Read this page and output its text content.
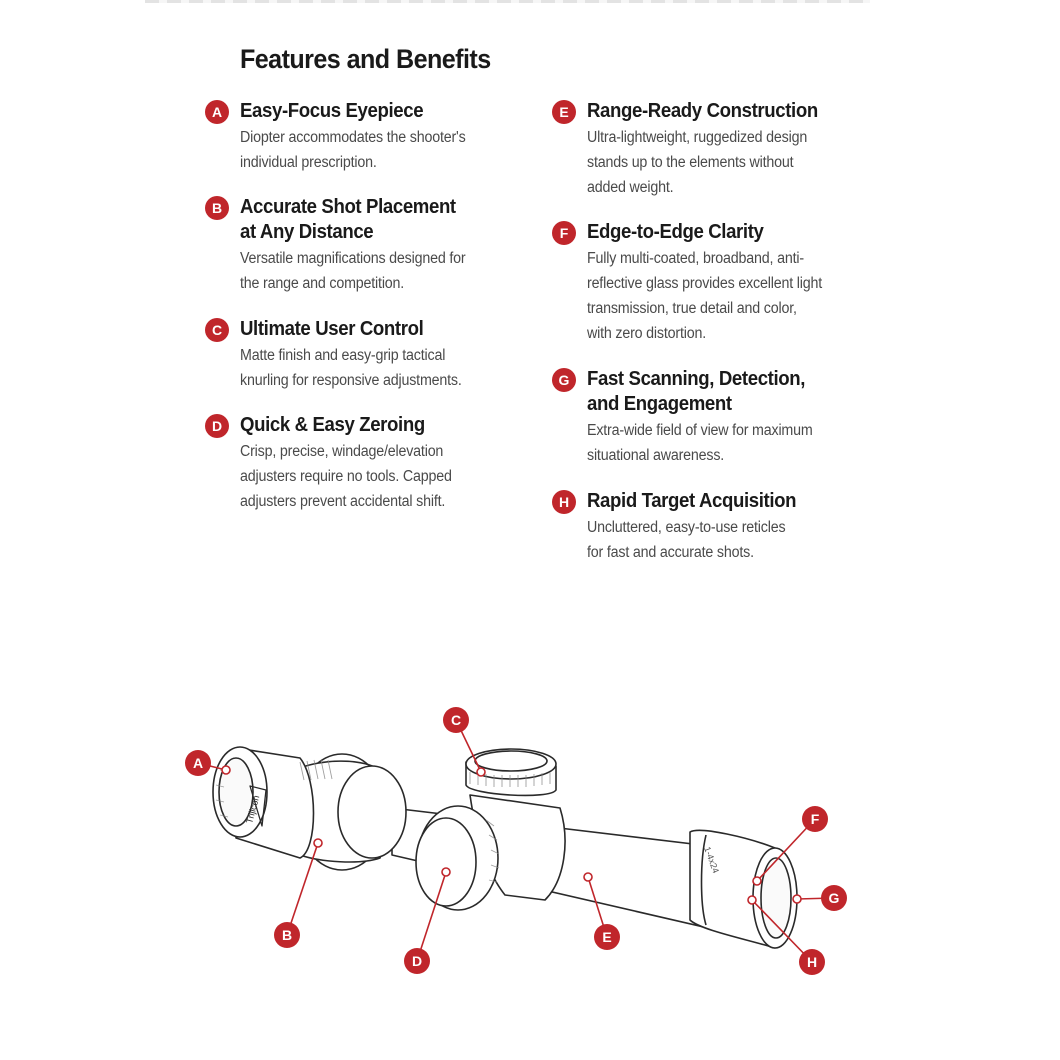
Features and Benefits
A Easy-Focus Eyepiece
Diopter accommodates the shooter's
individual prescription.
B Accurate Shot Placement
at Any Distance
Versatile magnifications designed for
the range and competition.
C Ultimate User Control
Matte finish and easy-grip tactical
knurling for responsive adjustments.
D Quick & Easy Zeroing
Crisp, precise, windage/elevation
adjusters require no tools. Capped
adjusters prevent accidental shift.
E Range-Ready Construction
Ultra-lightweight, ruggedized design
stands up to the elements without
added weight.
F Edge-to-Edge Clarity
Fully multi-coated, broadband, anti-
reflective glass provides excellent light
transmission, true detail and color,
with zero distortion.
G Fast Scanning, Detection,
and Engagement
Extra-wide field of view for maximum
situational awareness.
H Rapid Target Acquisition
Uncluttered, easy-to-use reticles
for fast and accurate shots.
1-4x24
Trijicon
A
B
C
D
E
F
G
H
